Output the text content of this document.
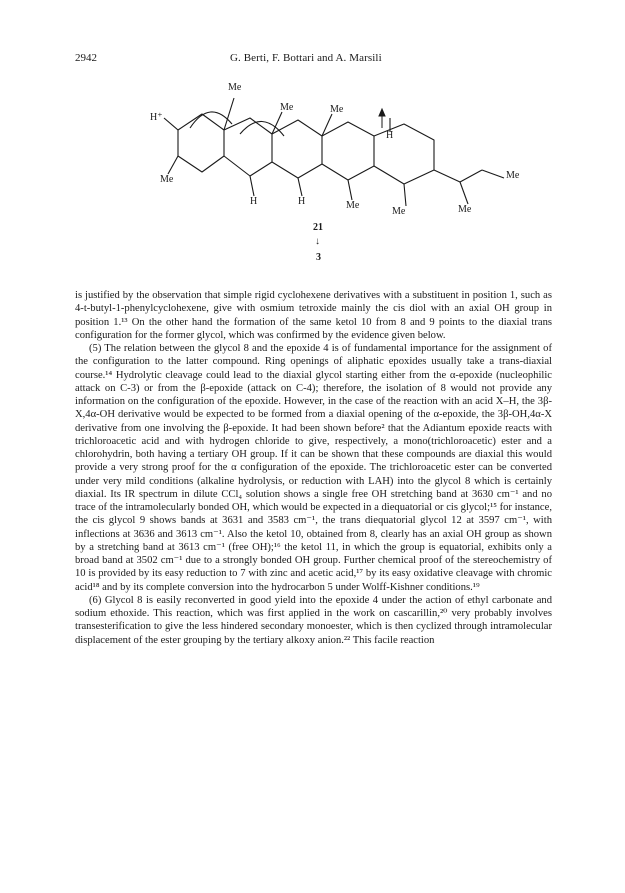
2942	G. Berti, F. Bottari and A. Marsili
Me
H⁺
Me
Me	Me
H	H
H
Me
Me
Me
Me
21
↓
3

is justified by the observation that simple rigid cyclohexene derivatives with a substituent in position 1, such as 4-t-butyl-1-phenylcyclohexene, give with osmium tetroxide mainly the cis diol with an axial OH group in position 1.¹³ On the other hand the formation of the same ketol 10 from 8 and 9 points to the diaxial trans configuration for the former glycol, which was confirmed by the evidence given below.

(5) The relation between the glycol 8 and the epoxide 4 is of fundamental importance for the assignment of the configuration to the latter compound. Ring openings of aliphatic epoxides usually take a trans-diaxial course.¹⁴ Hydrolytic cleavage could lead to the diaxial glycol starting either from the α-epoxide (nucleophilic attack on C-3) or from the β-epoxide (attack on C-4); therefore, the isolation of 8 would not provide any information on the configuration of the epoxide. However, in the case of the reaction with an acid X–H, the 3β-X,4α-OH derivative would be expected to be formed from a diaxial opening of the α-epoxide, the 3β-OH,4α-X derivative from one involving the β-epoxide. It had been shown before² that the Adiantum epoxide reacts with trichloroacetic acid and with hydrogen chloride to give, respectively, a mono(trichloroacetic) ester and a chlorohydrin, both having a tertiary OH group. If it can be shown that these compounds are diaxial this would provide a very strong proof for the α configuration of the epoxide. The trichloroacetic ester can be converted under very mild conditions (alkaline hydrolysis, or reduction with LAH) into the glycol 8 which is certainly diaxial. Its IR spectrum in dilute CCl₄ solution shows a single free OH stretching band at 3630 cm⁻¹ and no trace of the intramolecularly bonded OH, which would be expected in a diequatorial or cis glycol;¹⁵ for instance, the cis glycol 9 shows bands at 3631 and 3583 cm⁻¹, the trans diequatorial glycol 12 at 3597 cm⁻¹, with inflections at 3636 and 3613 cm⁻¹. Also the ketol 10, obtained from 8, clearly has an axial OH group as shown by a stretching band at 3613 cm⁻¹ (free OH);¹⁶ the ketol 11, in which the group is equatorial, exhibits only a broad band at 3502 cm⁻¹ due to a strongly bonded OH group. Further chemical proof of the stereochemistry of 10 is provided by its easy reduction to 7 with zinc and acetic acid,¹⁷ by its easy oxidative cleavage with chromic acid¹⁸ and by its complete conversion into the hydrocarbon 5 under Wolff-Kishner conditions.¹⁹

(6) Glycol 8 is easily reconverted in good yield into the epoxide 4 under the action of ethyl carbonate and sodium ethoxide. This reaction, which was first applied in the work on cascarillin,²⁰ very probably involves transesterification to give the less hindered secondary monoester, which is then cyclized through intramolecular displacement of the ester grouping by the tertiary alkoxy anion.²² This facile reaction
